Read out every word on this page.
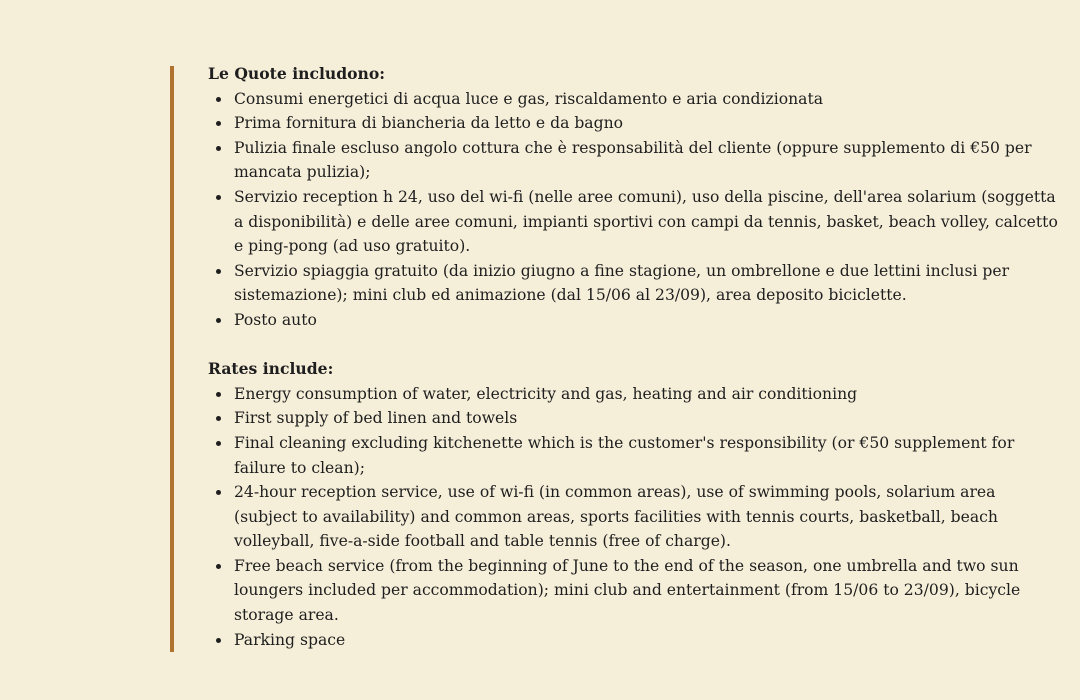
Le Quote includono:

Consumi energetici di acqua luce e gas, riscaldamento e aria condizionata
Prima fornitura di biancheria da letto e da bagno
Pulizia finale escluso angolo cottura che è responsabilità del cliente (oppure supplemento di €50 per mancata pulizia);
Servizio reception h 24, uso del wi-fi (nelle aree comuni), uso della piscine, dell'area solarium (soggetta a disponibilità) e delle aree comuni, impianti sportivi con campi da tennis, basket, beach volley, calcetto e ping-pong (ad uso gratuito).
Servizio spiaggia gratuito (da inizio giugno a fine stagione, un ombrellone e due lettini inclusi per sistemazione); mini club ed animazione (dal 15/06 al 23/09), area deposito biciclette.
Posto auto

Rates include:

Energy consumption of water, electricity and gas, heating and air conditioning
First supply of bed linen and towels
Final cleaning excluding kitchenette which is the customer's responsibility (or €50 supplement for failure to clean);
24-hour reception service, use of wi-fi (in common areas), use of swimming pools, solarium area (subject to availability) and common areas, sports facilities with tennis courts, basketball, beach volleyball, five-a-side football and table tennis (free of charge).
Free beach service (from the beginning of June to the end of the season, one umbrella and two sun loungers included per accommodation); mini club and entertainment (from 15/06 to 23/09), bicycle storage area.
Parking space
